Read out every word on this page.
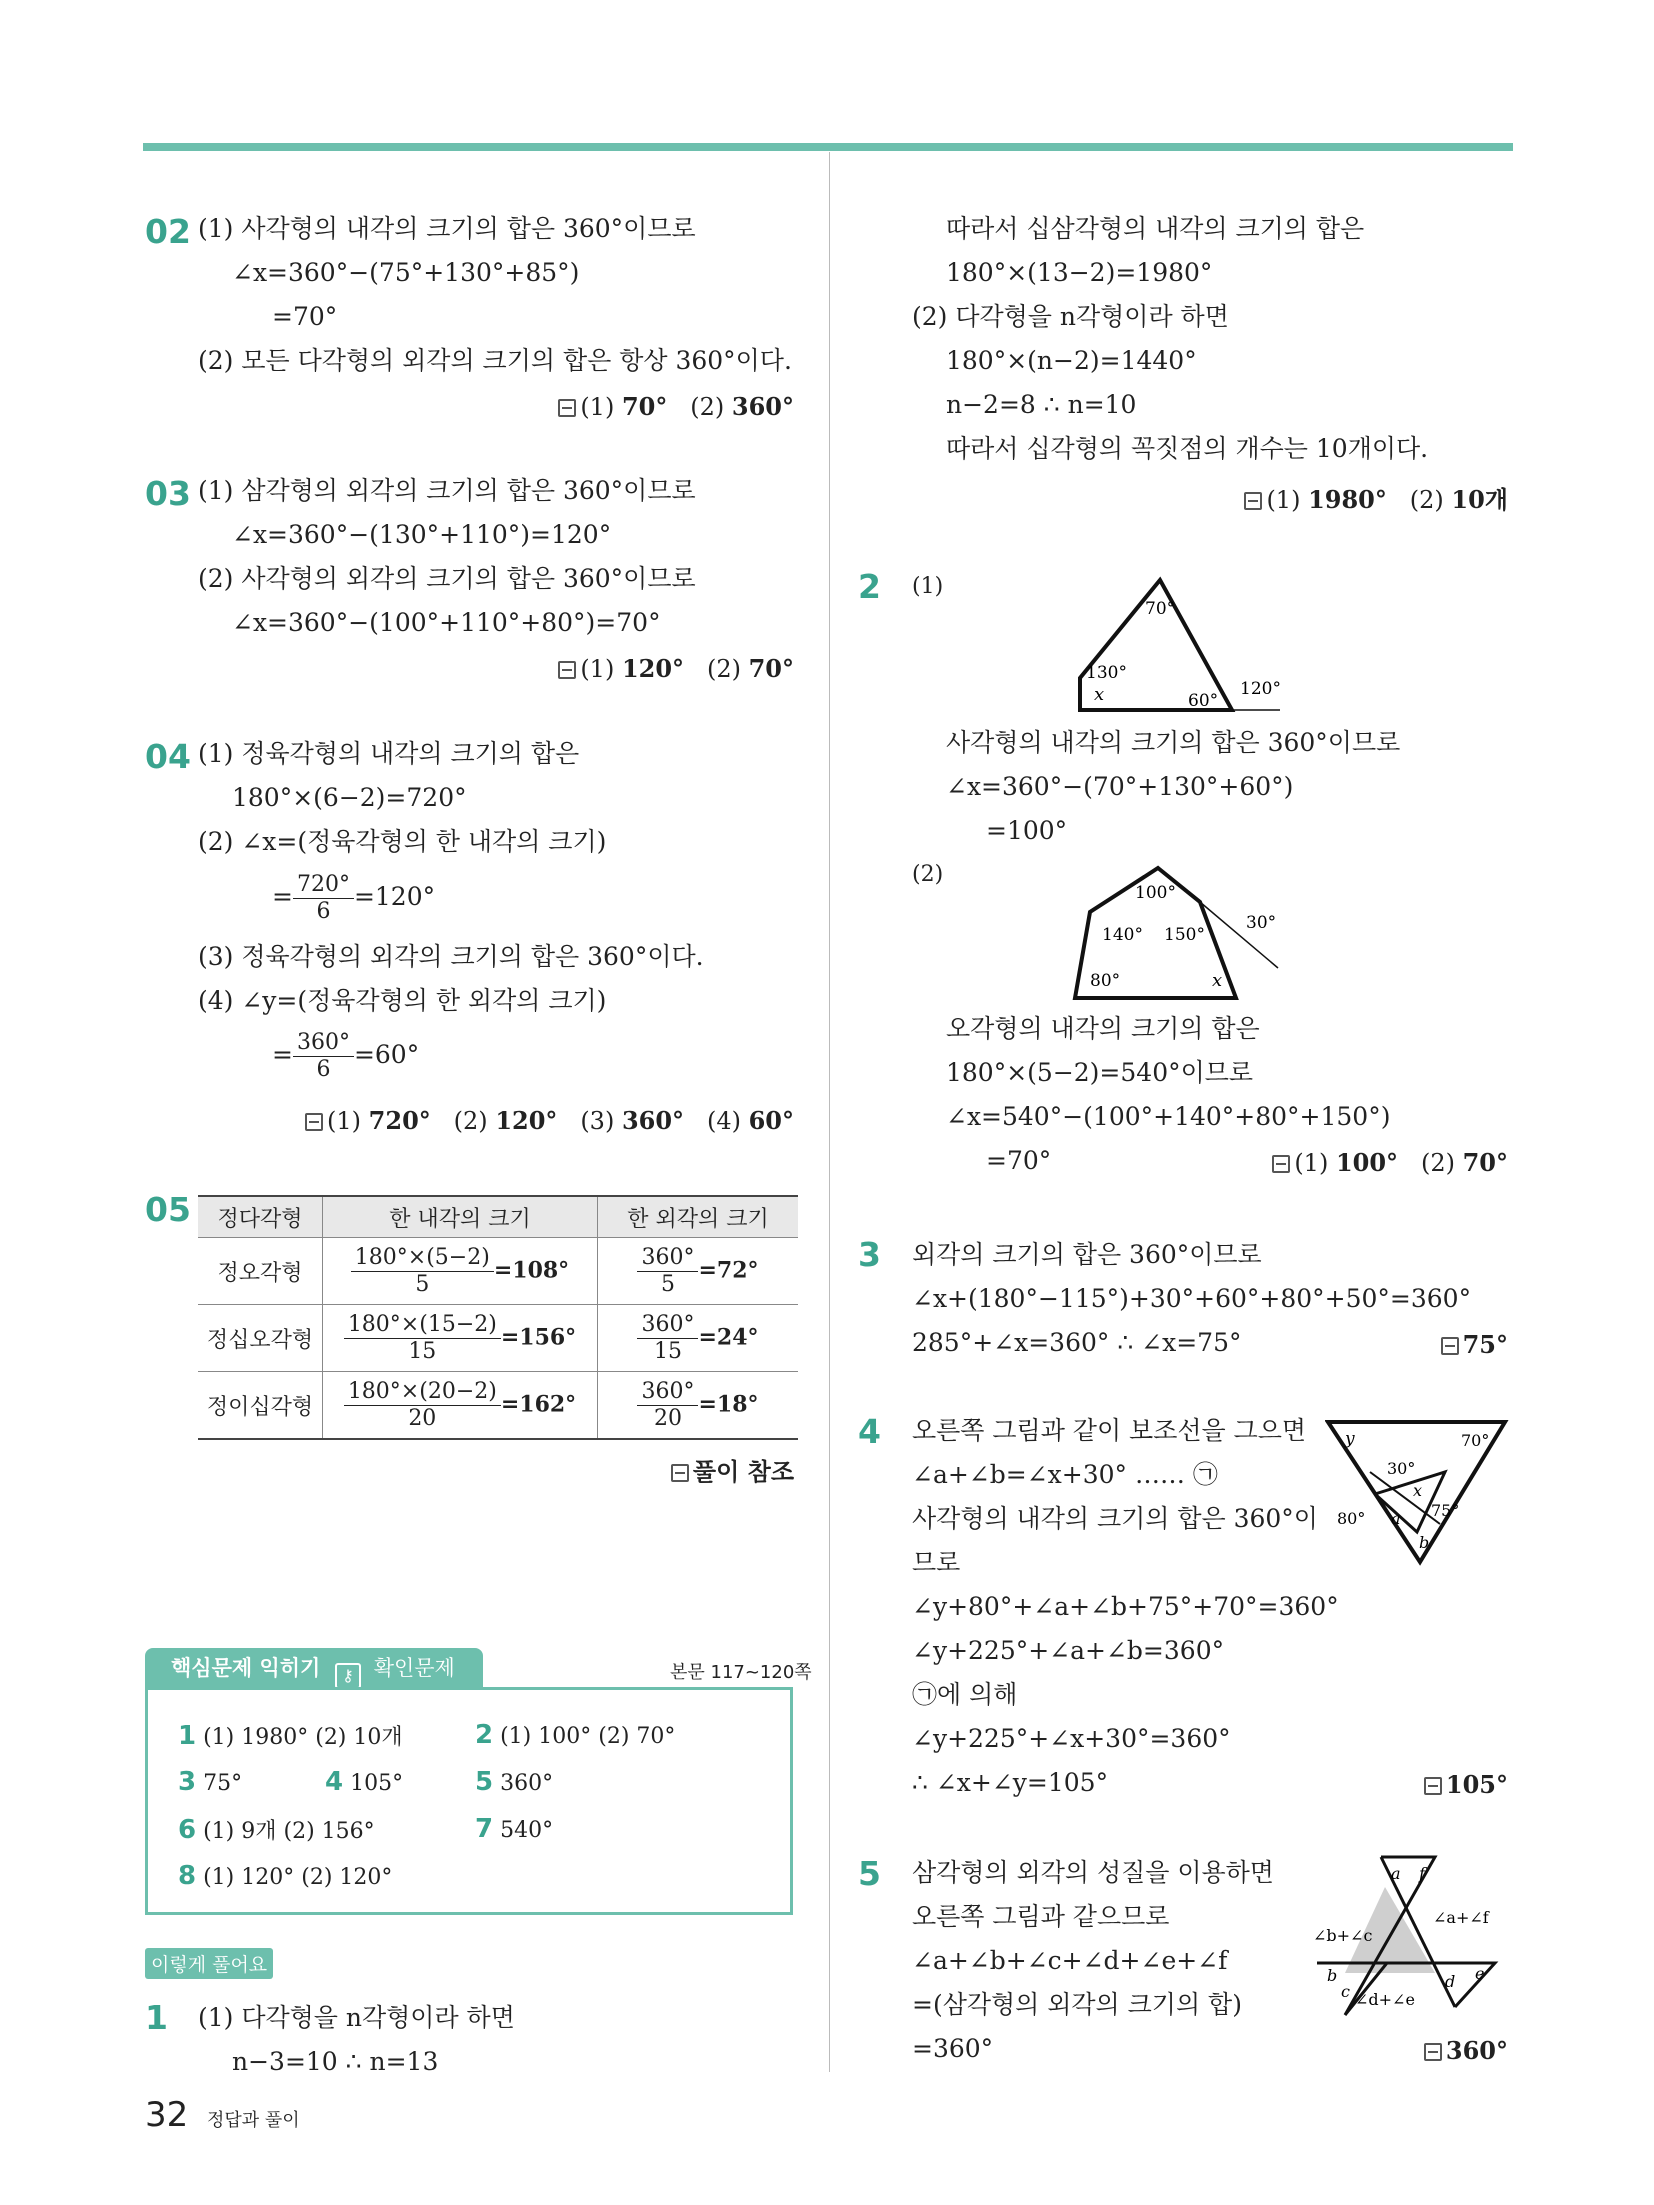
02 (1) 사각형의 내각의 크기의 합은 360°이므로
∠x=360°−(75°+130°+85°)
=70°
(2) 모든 다각형의 외각의 크기의 합은 항상 360°이다.
(1) 70° (2) 360°
03 (1) 삼각형의 외각의 크기의 합은 360°이므로
∠x=360°−(130°+110°)=120°
(2) 사각형의 외각의 크기의 합은 360°이므로
∠x=360°−(100°+110°+80°)=70°
(1) 120° (2) 70°
04 (1) 정육각형의 내각의 크기의 합은
180°×(6−2)=720°
(2) ∠x=(정육각형의 한 내각의 크기)
= $\frac{720^\circ}{6} =120^\circ$
(3) 정육각형의 외각의 크기의 합은 360°이다.
(4) ∠y=(정육각형의 한 외각의 크기)
= $\frac{360^\circ}{6} =60^\circ$
(1) 720° (2) 120° (3) 360° (4) 60°
05 정다각형	한 내각의 크기	한 외각의 크기
정오각형	$\frac{180^\circ\times(5-2)}{5} =108^\circ$	$\frac{360^\circ}{5} =72^\circ$
정십오각형	$\frac{180^\circ\times(15-2)}{15} =156^\circ$	$\frac{360^\circ}{15} =24^\circ$
정이십각형	$\frac{180^\circ\times(20-2)}{20} =162^\circ$	$\frac{360^\circ}{20} =18^\circ$
풀이 참조
핵심문제 익히기 ⚷ 확인문제	본문 117~120쪽
1 (1) 1980° (2) 10개	2 (1) 100° (2) 70°
3 75°	4 105°	5 360°
6 (1) 9개 (2) 156°	7 540°
8 (1) 120° (2) 120°
이렇게 풀어요
1 (1) 다각형을 n각형이라 하면
n−3=10 ∴ n=13
32 정답과 풀이
따라서 십삼각형의 내각의 크기의 합은
180°×(13−2)=1980°
(2) 다각형을 n각형이라 하면
180°×(n−2)=1440°
n−2=8 ∴ n=10
따라서 십각형의 꼭짓점의 개수는 10개이다.
(1) 1980° (2) 10개
2 (1)
70°
130°
x	60°
120°
사각형의 내각의 크기의 합은 360°이므로
∠x=360°−(70°+130°+60°)
=100°
(2)
100°
30°
140° 150°
80°	x
오각형의 내각의 크기의 합은
180°×(5−2)=540°이므로
∠x=540°−(100°+140°+80°+150°)
=70°	(1) 100° (2) 70°
3 외각의 크기의 합은 360°이므로
∠x+(180°−115°)+30°+60°+80°+50°=360°
285°+∠x=360° ∴ ∠x=75°	75°
4 오른쪽 그림과 같이 보조선을 그으면
∠a+∠b=∠x+30° …… ㉠
사각형의 내각의 크기의 합은 360°이
므로
∠y+80°+∠a+∠b+75°+70°=360°
∠y+225°+∠a+∠b=360°
㉠에 의해
∠y+225°+∠x+30°=360°
∴ ∠x+∠y=105°
y	70°
30°
x
80° a 75°
b
105°
5 삼각형의 외각의 성질을 이용하면
오른쪽 그림과 같으므로
∠a+∠b+∠c+∠d+∠e+∠f
=(삼각형의 외각의 크기의 합)
=360°
a f
∠b+∠c
∠a+∠f
b
c
d e
∠d+∠e
360°
